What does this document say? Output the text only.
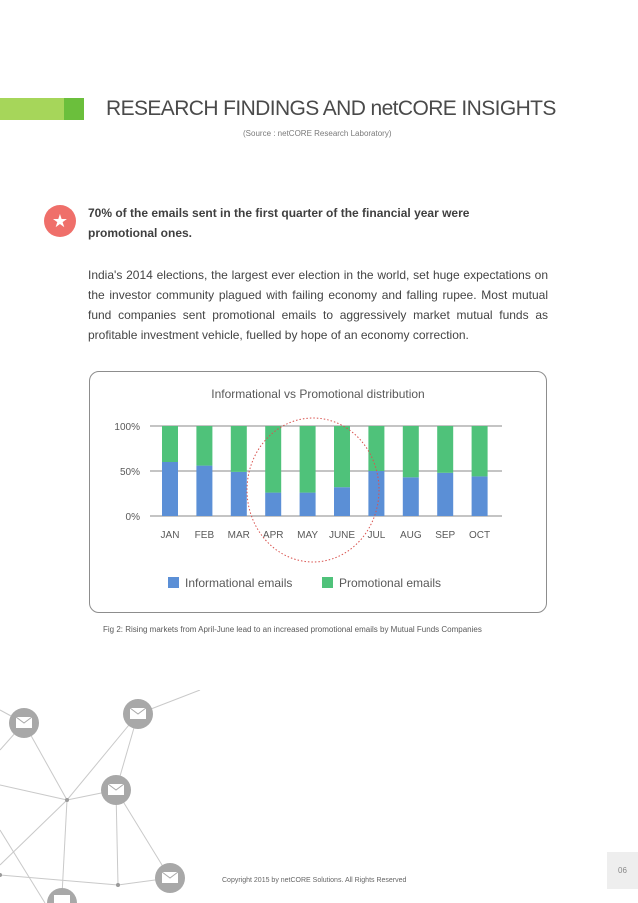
RESEARCH FINDINGS AND netCORE INSIGHTS
(Source : netCORE Research Laboratory)
★	70% of the emails sent in the first quarter of the financial year were promotional ones.
India's 2014 elections, the largest ever election in the world, set huge expectations on the investor community plagued with failing economy and falling rupee. Most mutual fund companies sent promotional emails to aggressively market mutual funds as profitable investment vehicle, fuelled by hope of an economy correction.
Informational vs Promotional distribution
0%
50%
100%
JAN FEB MAR APR MAY JUNE JUL AUG SEP OCT
Informational emails	Promotional emails
Fig 2: Rising markets from April-June lead to an increased promotional emails by Mutual Funds Companies
Copyright 2015 by netCORE Solutions. All Rights Reserved
06
